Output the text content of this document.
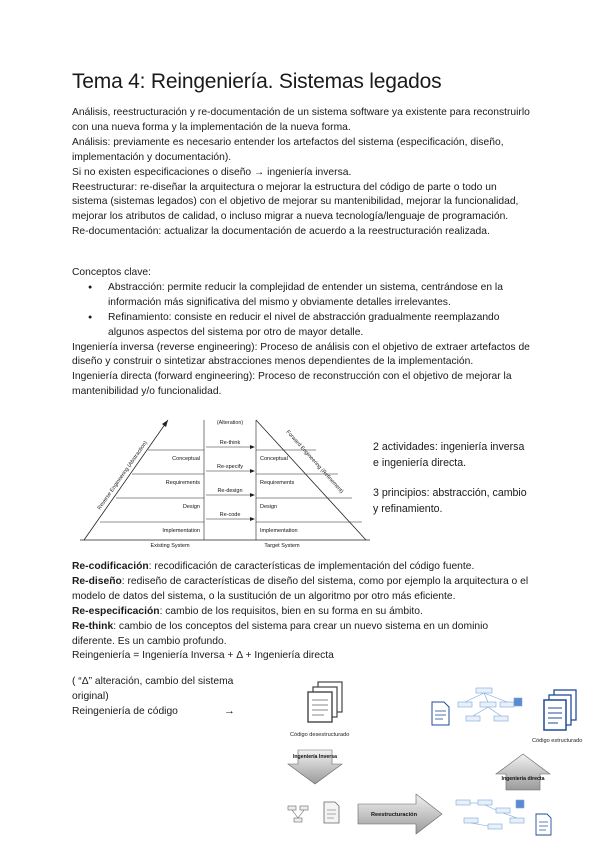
Tema 4: Reingeniería. Sistemas legados

Análisis, reestructuración y re-documentación de un sistema software ya existente para reconstruirlo con una nueva forma y la implementación de la nueva forma.

Análisis: previamente es necesario entender los artefactos del sistema (especificación, diseño, implementación y documentación).

Si no existen especificaciones o diseño → ingeniería inversa.

Reestructurar: re-diseñar la arquitectura o mejorar la estructura del código de parte o todo un sistema (sistemas legados) con el objetivo de mejorar su mantenibilidad, mejorar la funcionalidad, mejorar los atributos de calidad, o incluso migrar a nueva tecnología/lenguaje de programación.

Re-documentación: actualizar la documentación de acuerdo a la reestructuración realizada.

Conceptos clave:

● Abstracción: permite reducir la complejidad de entender un sistema, centrándose en la información más significativa del mismo y obviamente detalles irrelevantes.

● Refinamiento: consiste en reducir el nivel de abstracción gradualmente reemplazando algunos aspectos del sistema por otro de mayor detalle.

Ingeniería inversa (reverse engineering): Proceso de análisis con el objetivo de extraer artefactos de diseño y construir o sintetizar abstracciones menos dependientes de la implementación.

Ingeniería directa (forward engineering): Proceso de reconstrucción con el objetivo de mejorar la mantenibilidad y/o funcionalidad.

(Alteration)
Reverse Engineering (Abstraction)	Forward Engineering (Refinement)
Conceptual
Requirements
Design
Implementation
Conceptual
Requirements
Design
Implementation
Re-think
Re-specify
Re-design
Re-code
Existing System	Target System

2 actividades: ingeniería inversa e ingeniería directa.

3 principios: abstracción, cambio y refinamiento.

Re-codificación: recodificación de características de implementación del código fuente.

Re-diseño: rediseño de características de diseño del sistema, como por ejemplo la arquitectura o el modelo de datos del sistema, o la sustitución de un algoritmo por otro más eficiente.

Re-especificación: cambio de los requisitos, bien en su forma en su ámbito.

Re-think: cambio de los conceptos del sistema para crear un nuevo sistema en un dominio diferente. Es un cambio profundo.

Reingeniería = Ingeniería Inversa + Δ + Ingeniería directa

( “Δ” alteración, cambio del sistema original)

Reingeniería de código	→
Código desestructurado
Código estructurado
Ingeniería Inversa
Ingeniería directa
Reestructuración
